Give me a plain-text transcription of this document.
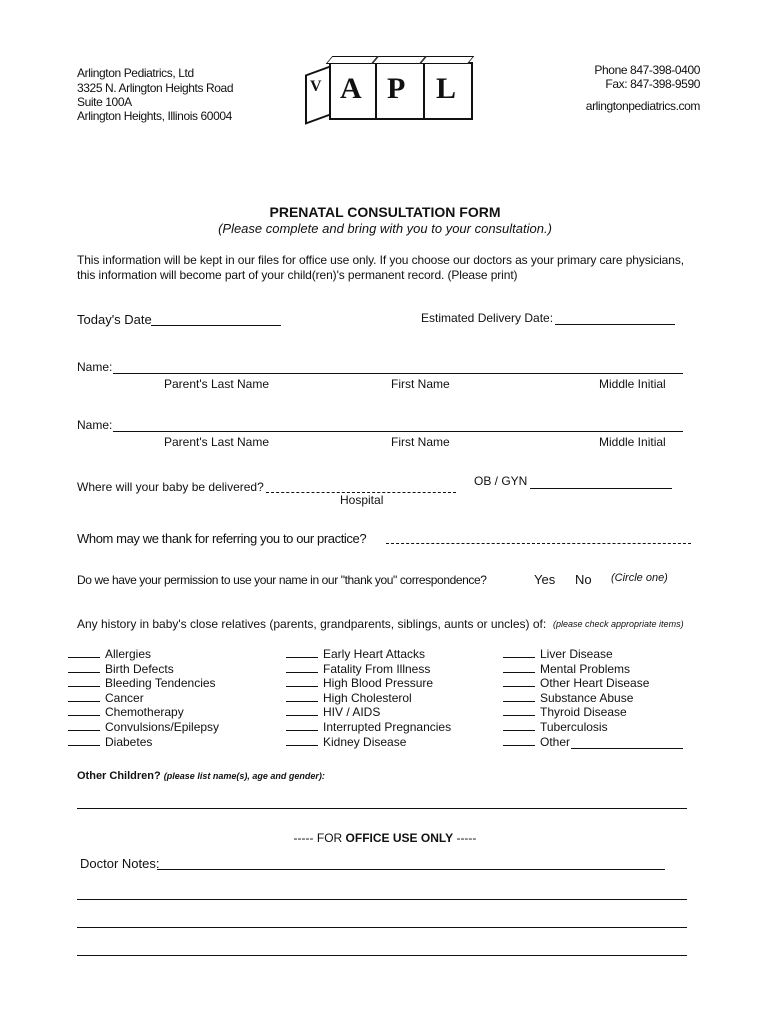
Arlington Pediatrics, Ltd
3325 N. Arlington Heights Road
Suite 100A
Arlington Heights, Illinois 60004
V A P L
Phone 847-398-0400
Fax: 847-398-9590
arlingtonpediatrics.com
PRENATAL CONSULTATION FORM
(Please complete and bring with you to your consultation.)
This information will be kept in our files for office use only. If you choose our doctors as your primary care physicians,
this information will become part of your child(ren)'s permanent record. (Please print)
Today's Date	Estimated Delivery Date:
Name:
Parent's Last Name	First Name	Middle Initial
Name:
Parent's Last Name	First Name	Middle Initial
Where will your baby be delivered?
Hospital
OB / GYN
Whom may we thank for referring you to our practice?
Do we have your permission to use your name in our "thank you" correspondence?	Yes No (Circle one)
Any history in baby's close relatives (parents, grandparents, siblings, aunts or uncles) of: (please check appropriate items)
Allergies
Birth Defects
Bleeding Tendencies
Cancer
Chemotherapy
Convulsions/Epilepsy
Diabetes
Early Heart Attacks
Fatality From Illness
High Blood Pressure
High Cholesterol
HIV / AIDS
Interrupted Pregnancies
Kidney Disease
Liver Disease
Mental Problems
Other Heart Disease
Substance Abuse
Thyroid Disease
Tuberculosis
Other
Other Children? (please list name(s), age and gender):
----- FOR OFFICE USE ONLY -----
Doctor Notes:
